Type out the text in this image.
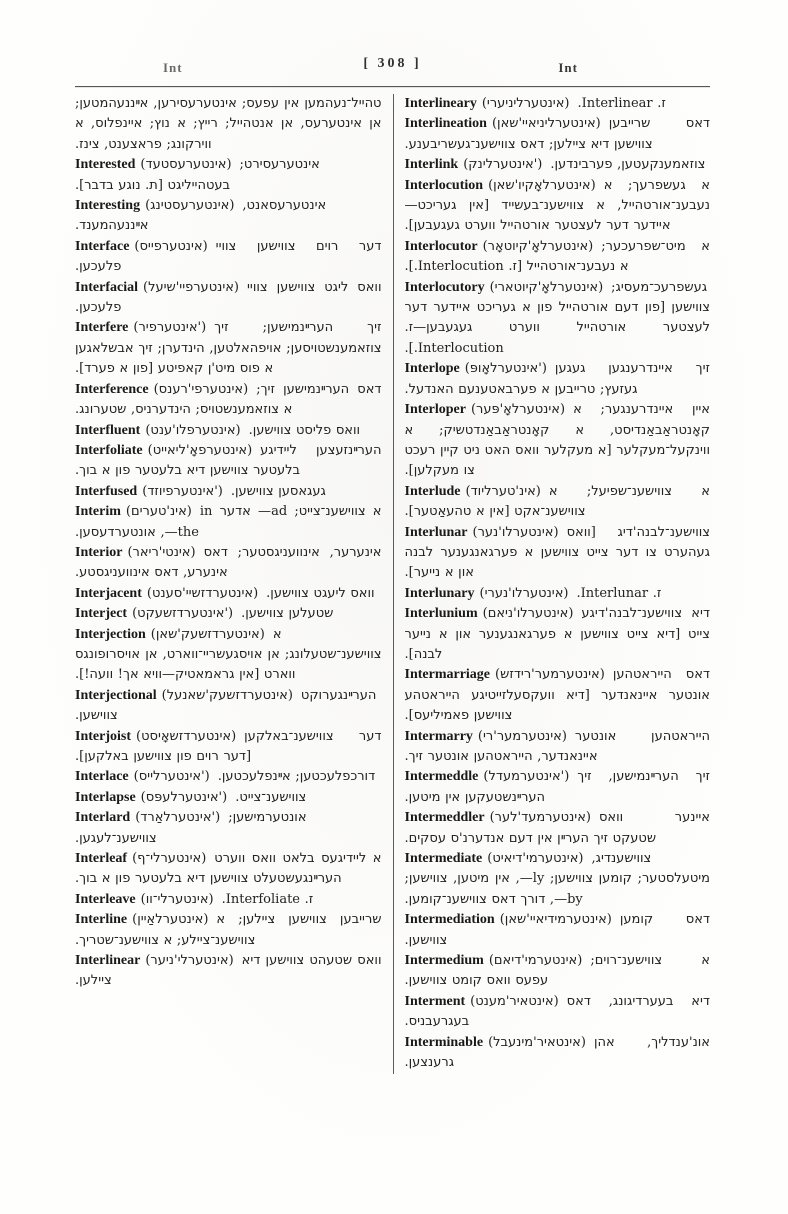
Int	[ 308 ]	Int

טהייל־נעהמען אין עפעס; אינטערעסירען, אײננעהמטען; אן אינטערעס, אן אנטהייל; רייץ; א נוץ; איינפלוס, א ווירקונג; פראצענט, צינז.

Interested (אינטערעסטעד) אינטערעסירט; בעטהייליגט [ת. נוגע בדבר].

Interesting (אינטערעסטינג) אינטערעסאנט, אײננעהמענד.

Interface (אינטערפייס) דער רוים צווישען צוויי פלעכען.

Interfacial (אינטערפיי'שיעל) וואס ליגט צווישען צוויי פלעכען.

Interfere (אינטערפיר') זיך הערײנמישען; זיך צוזאמענשטויסען; אויפהאלטען, הינדערן; זיך אבשלאגען א פוס מיט'ן קאפיטע [פון א פערד].

Interference (אינטערפי'רענס) דאס הערײנמישען זיך; א צוזאמענשטויס; הינדערניס, שטערונג.

Interfluent (אינטערפלו'ענט) וואס פליסט צווישען.

Interfoliate (אינטערפאָ'ליאייט) הערײנזעצען ליידיגע בלעטער צווישען דיא בלעטער פון א בוך.

Interfused (אינטערפיוזד') געגאסען צווישען.

Interim (אינ'טערים) א צווישענ־צייט; ad— אדער in the—, אונטערדעסען.

Interior (אינטי'ריאר) אינערער, אינוועניגסטער; דאס אינערע, דאס אינוועניגסטע.

Interjacent (אינטערדזשיי'סענט) וואס ליעגט צווישען.

Interject (אינטערדזשעקט') שטעלען צווישען.

Interjection (אינטערדזשעק'שאן) א צווישענ־שטעלונג; אן אויסגעשריי־ווארט, אן אויסרופונגס ווארט [אין גראמאטיק—וויא אך! וועה!].

Interjectional (אינטערדזשעק'שאנעל) הערײנגערוקט צווישען.

Interjoist (אינטערדזשאָיסט) דער צווישענ־באלקען [דער רוים פון צווישען באלקען].

Interlace (אינטערלייס') דורכפלעכטען; אײנפלעכטען.

Interlapse (אינטערלעפּס') צווישענ־צייט.

Interlard (אינטערלאַרד') אונטערמישען; צווישענ־לעגען.

Interleaf (אינטערלי־ף) א ליידיגעס בלאט וואס ווערט הערײנגעשטעלט צווישען דיא בלעטער פון א בוך.

Interleave (אינטערלי־וו) ז. Interfoliate.

Interline (אינטערלאַיין) שרייבען צווישען ציילען; א צווישענ־ציילע; א צווישענ־שטריך.

Interlinear (אינטערלי'ניער) וואס שטעהט צווישען דיא ציילען.

Interlineary (אינטערליניערי) ז. Interlinear.

Interlineation (אינטערליניאיי'שאן) דאס שרייבען צווישען דיא ציילען; דאס צווישענ־געשריבענע.

Interlink (אינטערלינק') צוזאמענקעטען, פערבינדען.

Interlocution (אינטערלאָקיו'שאן) א געשפרעך; א נעבענ־אורטהייל, א צווישענ־בעשייד [אין געריכט—איידער דער לעצטער אורטהייל ווערט געגעבען].

Interlocutor (אינטערלאָ'קיוטאָר) א מיט־שפרעכער; א נעבענ־אורטהייל [ז. Interlocution.].

Interlocutory (אינטערלאָ'קיוטארי) געשפרעכ־מעסיג; צווישען [פון דעם אורטהייל פון א געריכט איידער דער לעצטער אורטהייל ווערט געגעבען—ז. Interlocution.].

Interlope (אינטערלאָופּ') זיך איינדרענגען געגען געזעץ; טרייבען א פערבאטענעם האנדעל.

Interloper (אינטערלאָ'פּער) איין איינדרענגער; א קאָנטראַבאַנדיסט, א קאָנטראַבאַנדטשיק; א ווינקעל־מעקלער [א מעקלער וואס האט ניט קיין רעכט צו מעקלען].

Interlude (אינ'טערליוד) א צווישענ־שפיעל; א צווישענ־אקט [אין א טהעאַטער].

Interlunar (אינטערלו'נער) צווישענ־לבנה'דיג [וואס געהערט צו דער צייט צווישען א פערגאנגענער לבנה און א נייער].

Interlunary (אינטערלו'נערי) ז. Interlunar.

Interlunium (אינטערלו'ניאם) דיא צווישענ־לבנה'דיגע צייט [דיא צייט צווישען א פערגאנגענער און א נייער לבנה].

Intermarriage (אינטערמער'רידזש) דאס הייראטהען אונטער איינאנדער [דיא וועקסעלזייטיגע הייראטהע צווישען פאמיליעס].

Intermarry (אינטערמער'רי) הייראטהען אונטער איינאנדער, הייראטהען אונטער זיך.

Intermeddle (אינטערמעדל') זיך הערײנמישען, זיך הערײנשטעקען אין מיטען.

Intermeddler (אינטערמעד'לער) איינער וואס שטעקט זיך הערײן אין דעם אנדערנ'ס עסקים.

Intermediate (אינטערמי'דיאיט) צווישענדיג, מיטעלסטער; קומען צווישען; ly—, אין מיטען, צווישען; by—, דורך דאס צווישענ־קומען.

Intermediation (אינטערמידיאיי'שאן) דאס קומען צווישען.

Intermedium (אינטערמי'דיאם) א צווישענ־רוים; עפעס וואס קומט צווישען.

Interment (אינטאיר'מענט) דיא בעערדיגונג, דאס בעגרעבניס.

Interminable (אינטאיר'מינעבל) אונ'ענדליך, אהן גרענצען.
